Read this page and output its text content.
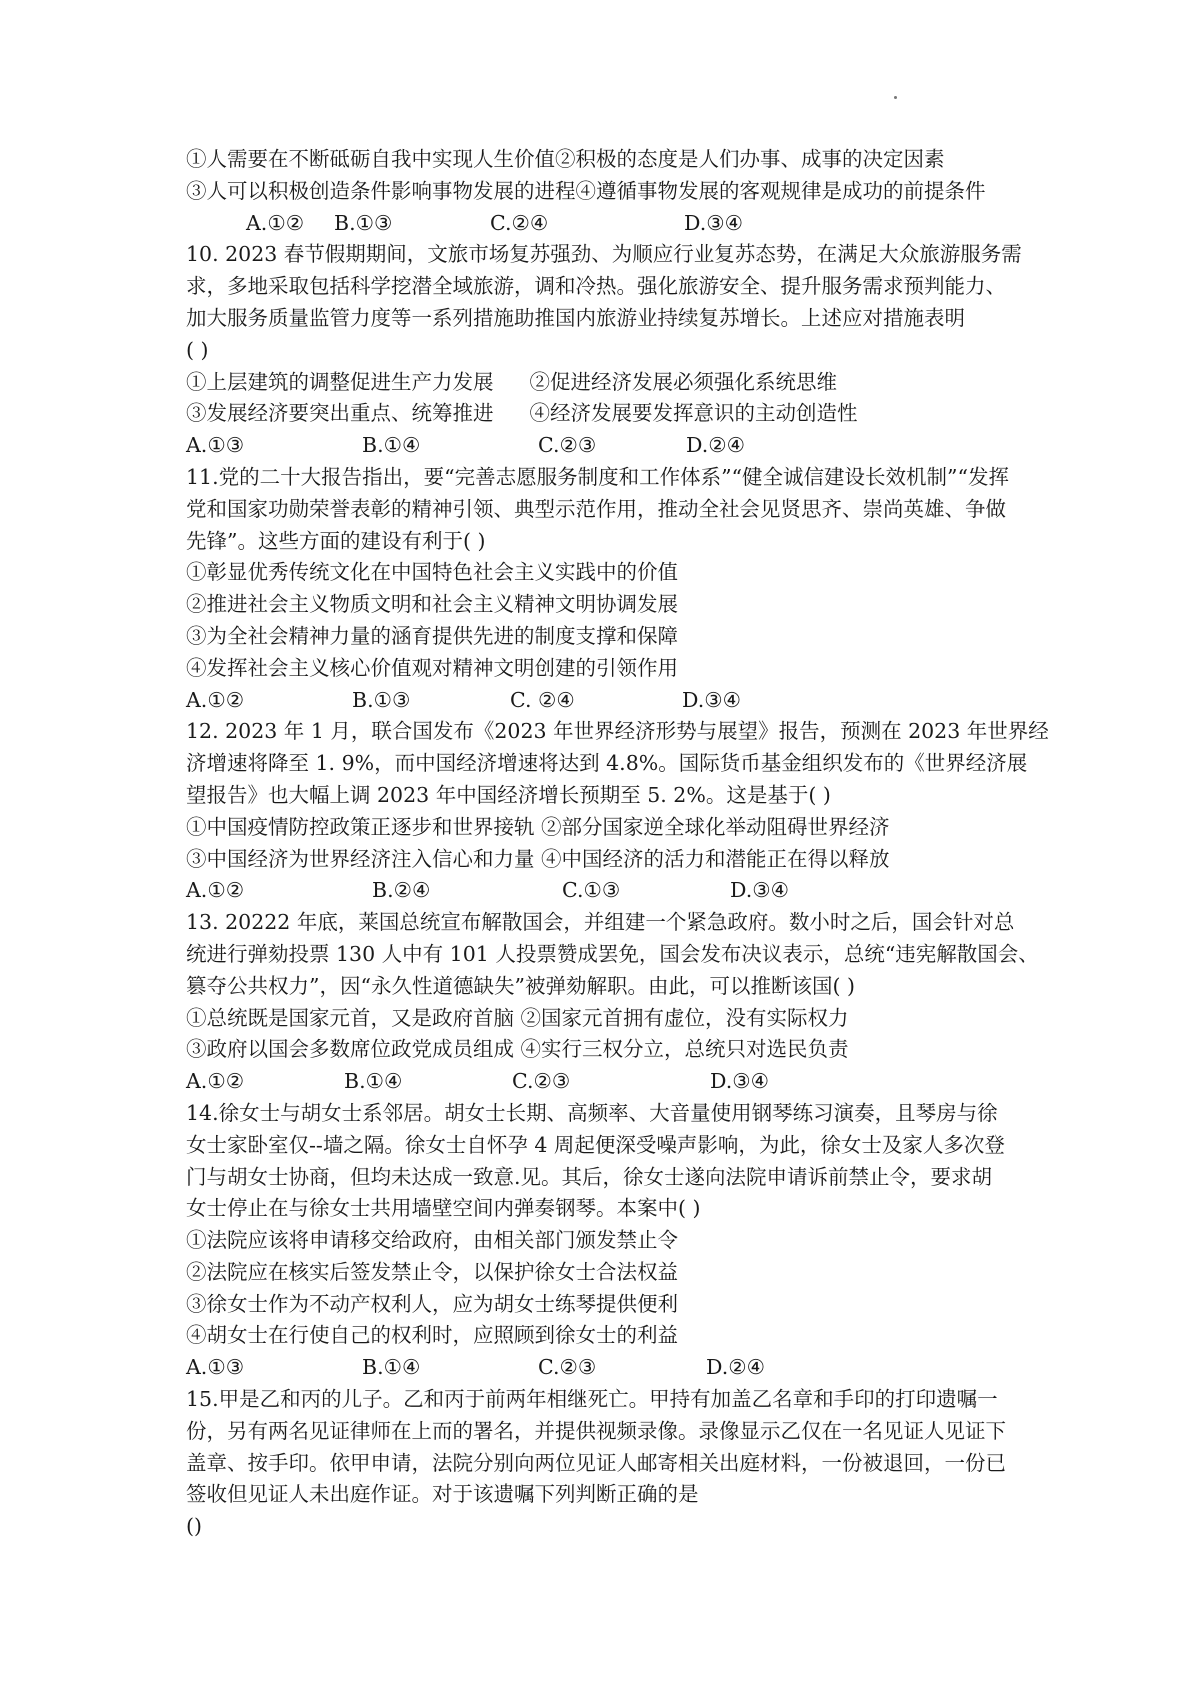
①人需要在不断砥砺自我中实现人生价值②积极的态度是人们办事、成事的决定因素
③人可以积极创造条件影响事物发展的进程④遵循事物发展的客观规律是成功的前提条件
A.①②	B.①③	C.②④	D.③④
10. 2023 春节假期期间，文旅市场复苏强劲、为顺应行业复苏态势，在满足大众旅游服务需
求，多地采取包括科学挖潜全域旅游，调和冷热。强化旅游安全、提升服务需求预判能力、
加大服务质量监管力度等一系列措施助推国内旅游业持续复苏增长。上述应对措施表明
( )
①上层建筑的调整促进生产力发展 ②促进经济发展必须强化系统思维
③发展经济要突出重点、统筹推进 ④经济发展要发挥意识的主动创造性
A.①③	B.①④	C.②③	D.②④
11.党的二十大报告指出，要“完善志愿服务制度和工作体系”“健全诚信建设长效机制”“发挥
党和国家功勋荣誉表彰的精神引领、典型示范作用，推动全社会见贤思齐、崇尚英雄、争做
先锋”。这些方面的建设有利于( )
①彰显优秀传统文化在中国特色社会主义实践中的价值
②推进社会主义物质文明和社会主义精神文明协调发展
③为全社会精神力量的涵育提供先进的制度支撑和保障
④发挥社会主义核心价值观对精神文明创建的引领作用
A.①②	B.①③	C. ②④	D.③④
12. 2023 年 1 月，联合国发布《2023 年世界经济形势与展望》报告，预测在 2023 年世界经
济增速将降至 1. 9%，而中国经济增速将达到 4.8%。国际货币基金组织发布的《世界经济展
望报告》也大幅上调 2023 年中国经济增长预期至 5. 2%。这是基于( )
①中国疫情防控政策正逐步和世界接轨 ②部分国家逆全球化举动阻碍世界经济
③中国经济为世界经济注入信心和力量 ④中国经济的活力和潜能正在得以释放
A.①②	B.②④	C.①③	D.③④
13. 20222 年底，莱国总统宣布解散国会，并组建一个紧急政府。数小时之后，国会针对总
统进行弹劾投票 130 人中有 101 人投票赞成罢免，国会发布决议表示，总统“违宪解散国会、
篡夺公共权力”，因“永久性道德缺失”被弹劾解职。由此，可以推断该国( )
①总统既是国家元首，又是政府首脑 ②国家元首拥有虚位，没有实际权力
③政府以国会多数席位政党成员组成 ④实行三权分立，总统只对选民负责
A.①②	B.①④	C.②③	D.③④
14.徐女士与胡女士系邻居。胡女士长期、高频率、大音量使用钢琴练习演奏，且琴房与徐
女士家卧室仅--墙之隔。徐女士自怀孕 4 周起便深受噪声影响，为此，徐女士及家人多次登
门与胡女士协商，但均未达成一致意.见。其后，徐女士遂向法院申请诉前禁止令，要求胡
女士停止在与徐女士共用墙壁空间内弹奏钢琴。本案中( )
①法院应该将申请移交给政府，由相关部门颁发禁止令
②法院应在核实后签发禁止令，以保护徐女士合法权益
③徐女士作为不动产权利人，应为胡女士练琴提供便利
④胡女士在行使自己的权利时，应照顾到徐女士的利益
A.①③	B.①④	C.②③	D.②④
15.甲是乙和丙的儿子。乙和丙于前两年相继死亡。甲持有加盖乙名章和手印的打印遗嘱一
份，另有两名见证律师在上而的署名，并提供视频录像。录像显示乙仅在一名见证人见证下
盖章、按手印。依甲申请，法院分别向两位见证人邮寄相关出庭材料，一份被退回，一份已
签收但见证人未出庭作证。对于该遗嘱下列判断正确的是
()
